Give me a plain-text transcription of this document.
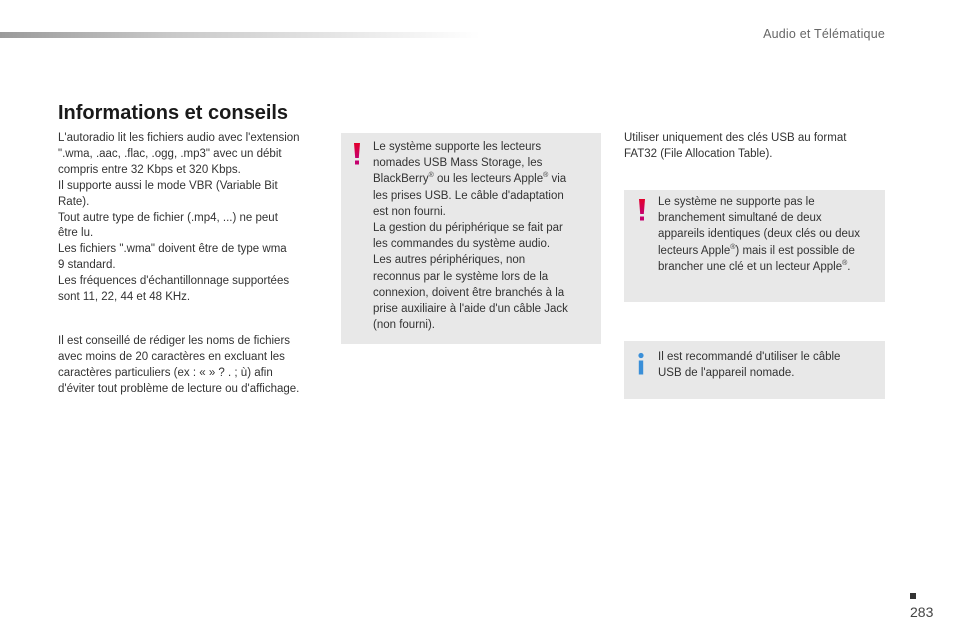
Audio et Télématique
Informations et conseils

L'autoradio lit les fichiers audio avec l'extension
".wma, .aac, .flac, .ogg, .mp3" avec un débit
compris entre 32 Kbps et 320 Kbps.
Il supporte aussi le mode VBR (Variable Bit
Rate).
Tout autre type de fichier (.mp4, ...) ne peut
être lu.
Les fichiers ".wma" doivent être de type wma
9 standard.
Les fréquences d'échantillonnage supportées
sont 11, 22, 44 et 48 KHz.

Il est conseillé de rédiger les noms de fichiers
avec moins de 20 caractères en excluant les
caractères particuliers (ex : « » ? . ; ù) afin
d'éviter tout problème de lecture ou d'affichage.

Le système supporte les lecteurs
nomades USB Mass Storage, les
BlackBerry® ou les lecteurs Apple® via
les prises USB. Le câble d'adaptation
est non fourni.
La gestion du périphérique se fait par
les commandes du système audio.
Les autres périphériques, non
reconnus par le système lors de la
connexion, doivent être branchés à la
prise auxiliaire à l'aide d'un câble Jack
(non fourni).
Utiliser uniquement des clés USB au format
FAT32 (File Allocation Table).
Le système ne supporte pas le
branchement simultané de deux
appareils identiques (deux clés ou deux
lecteurs Apple®) mais il est possible de
brancher une clé et un lecteur Apple®.
Il est recommandé d'utiliser le câble
USB de l'appareil nomade.
283
